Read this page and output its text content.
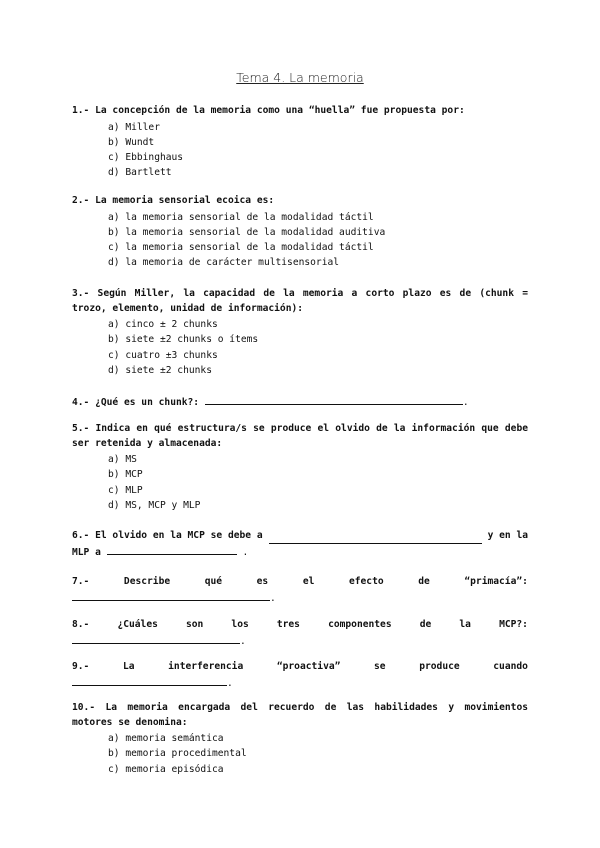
Tema 4. La memoria
1.- La concepción de la memoria como una “huella” fue propuesta por:
a) Miller
b) Wundt
c) Ebbinghaus
d) Bartlett
2.- La memoria sensorial ecoica es:
a) la memoria sensorial de la modalidad táctil
b) la memoria sensorial de la modalidad auditiva
c) la memoria sensorial de la modalidad táctil
d) la memoria de carácter multisensorial
3.- Según Miller, la capacidad de la memoria a corto plazo es de (chunk = trozo, elemento, unidad de información):
a) cinco ± 2 chunks
b) siete ±2 chunks o ítems
c) cuatro ±3 chunks
d) siete ±2 chunks
4.- ¿Qué es un chunk?:	.
5.- Indica en qué estructura/s se produce el olvido de la información que debe ser retenida y almacenada:
a) MS
b) MCP
c) MLP
d) MS, MCP y MLP
6.- El olvido en la MCP se debe a	y en la
MLP a	.
7.-	Describe	qué	es	el	efecto	de	“primacía”:
.
8.-	¿Cuáles	son	los	tres	componentes	de	la	MCP?:
.
9.-	La	interferencia	“proactiva”	se	produce	cuando
.
10.- La memoria encargada del recuerdo de las habilidades y movimientos motores se denomina:
a) memoria semántica
b) memoria procedimental
c) memoria episódica
